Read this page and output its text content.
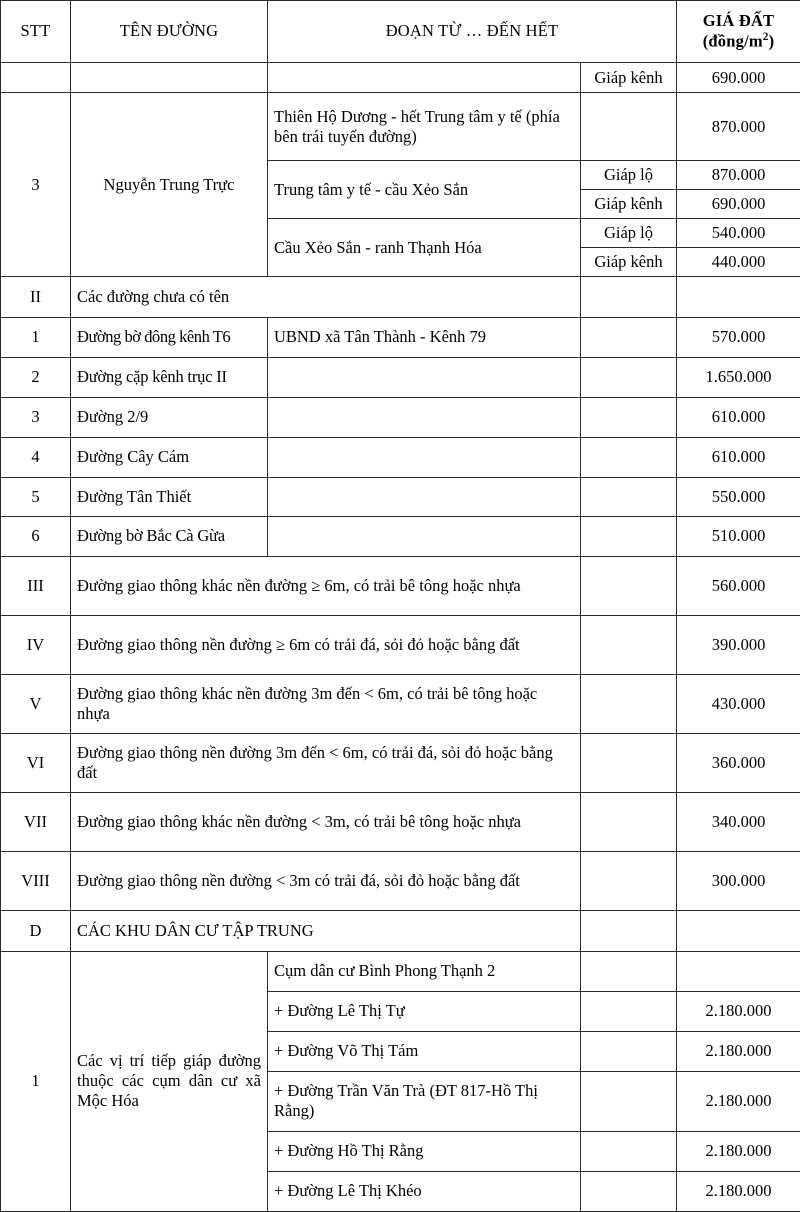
STT	TÊN ĐƯỜNG	ĐOẠN TỪ … ĐẾN HẾT		GIÁ ĐẤT
$(đồng/m^2)$

			Giáp kênh	690.000
3	Nguyễn Trung Trực	Thiên Hộ Dương - hết Trung tâm y tế (phía bên trái tuyến đường)		870.000
		Trung tâm y tế - cầu Xẻo Sắn	Giáp lộ	870.000
			Giáp kênh	690.000
		Cầu Xẻo Sắn - ranh Thạnh Hóa	Giáp lộ	540.000
			Giáp kênh	440.000
II	Các đường chưa có tên			
1	Đường bờ đông kênh T6	UBND xã Tân Thành - Kênh 79		570.000
2	Đường cặp kênh trục II			1.650.000
3	Đường 2/9			610.000
4	Đường Cây Cám			610.000
5	Đường Tân Thiết			550.000
6	Đường bờ Bắc Cà Gừa			510.000
III	Đường giao thông khác nền đường ≥ 6m, có trải bê tông hoặc nhựa			560.000
IV	Đường giao thông nền đường ≥ 6m có trải đá, sỏi đỏ hoặc bằng đất			390.000
V	Đường giao thông khác nền đường 3m đến < 6m, có trải bê tông hoặc nhựa			430.000
VI	Đường giao thông nền đường 3m đến < 6m, có trải đá, sỏi đỏ hoặc bằng đất			360.000
VII	Đường giao thông khác nền đường < 3m, có trải bê tông hoặc nhựa			340.000
VIII	Đường giao thông nền đường < 3m có trải đá, sỏi đỏ hoặc bằng đất			300.000
D	CÁC KHU DÂN CƯ TẬP TRUNG			
1	Các vị trí tiếp giáp đường thuộc các cụm dân cư xã Mộc Hóa	Cụm dân cư Bình Phong Thạnh 2		
		+ Đường Lê Thị Tự		2.180.000
		+ Đường Võ Thị Tám		2.180.000
		+ Đường Trần Văn Trà (ĐT 817-Hồ Thị Rằng)		2.180.000
		+ Đường Hồ Thị Rằng		2.180.000
		+ Đường Lê Thị Khéo		2.180.000
